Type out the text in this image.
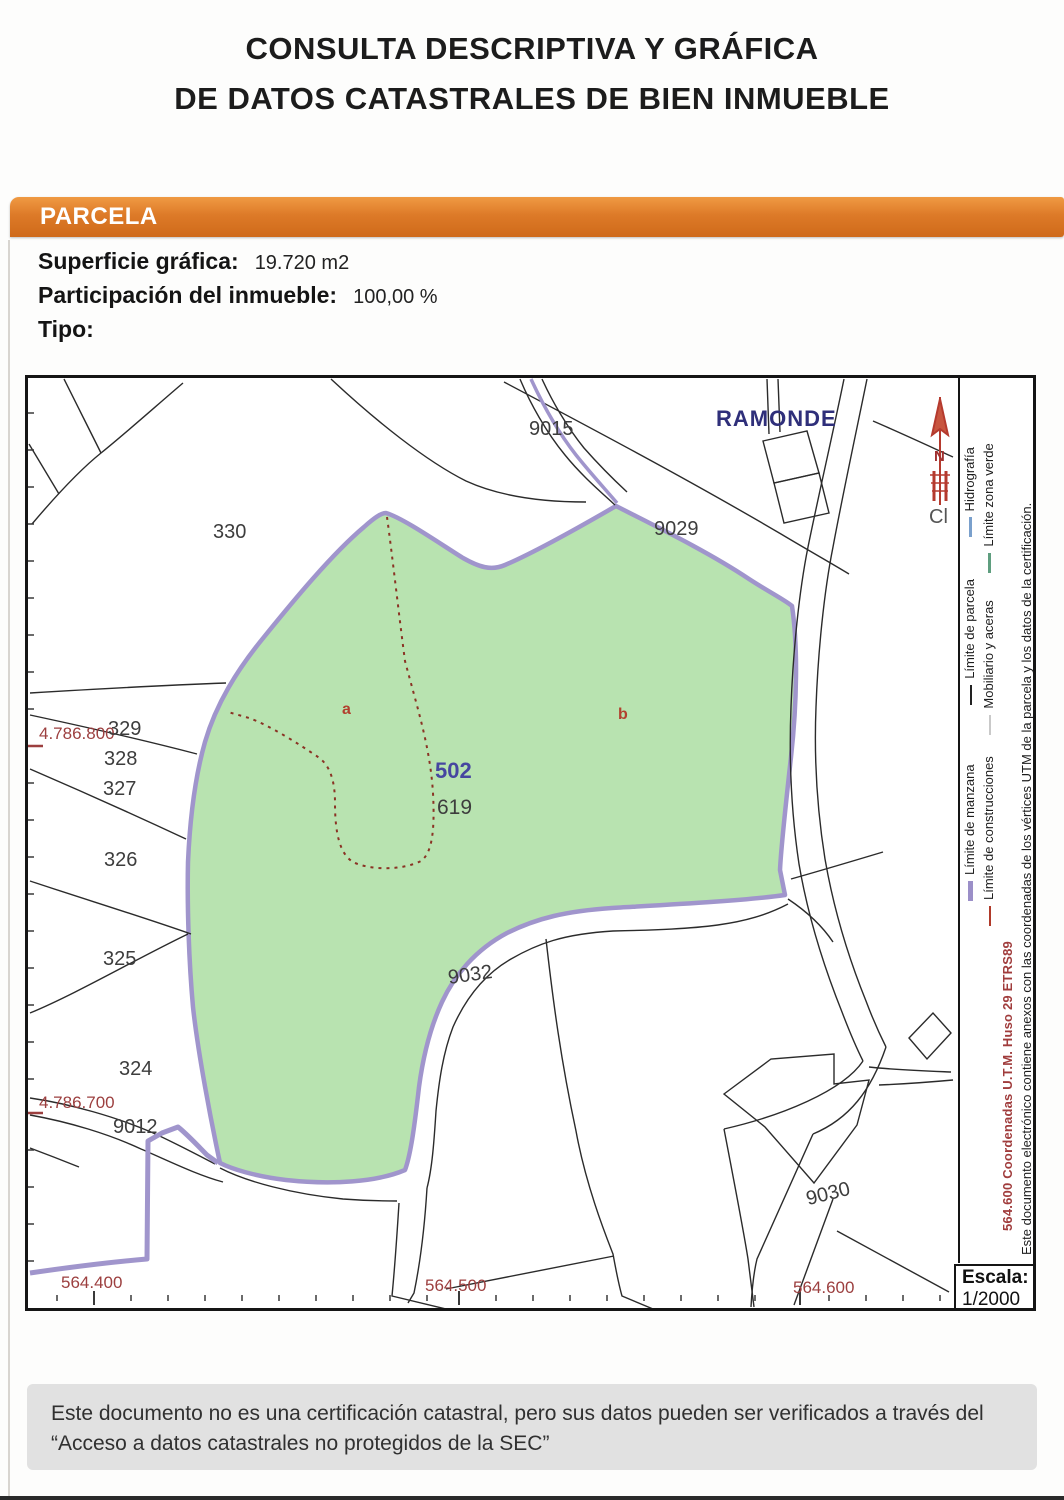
CONSULTA DESCRIPTIVA Y GRÁFICA
DE DATOS CATASTRALES DE BIEN INMUEBLE
PARCELA
Superficie gráfica: 19.720 m2
Participación del inmueble: 100,00 %
Tipo:
9015	RAMONDE
9029
Cl
330
4.786.800
329
328
327
326
325
324
4.786.700
9012
564.400
a	b
502
619
9032
564.500
9030
564.600
N
Límite de manzana Límite de parcela Hidrografía
Límite de construcciones Mobiliario y aceras Límite zona verde
564.600 Coordenadas U.T.M. Huso 29 ETRS89 Este documento electrónico contiene anexos con las coordenadas de los vértices UTM de la parcela y los datos de la certificación.
Escala:
1/2000
Este documento no es una certificación catastral, pero sus datos pueden ser verificados a través del “Acceso a datos catastrales no protegidos de la SEC”
